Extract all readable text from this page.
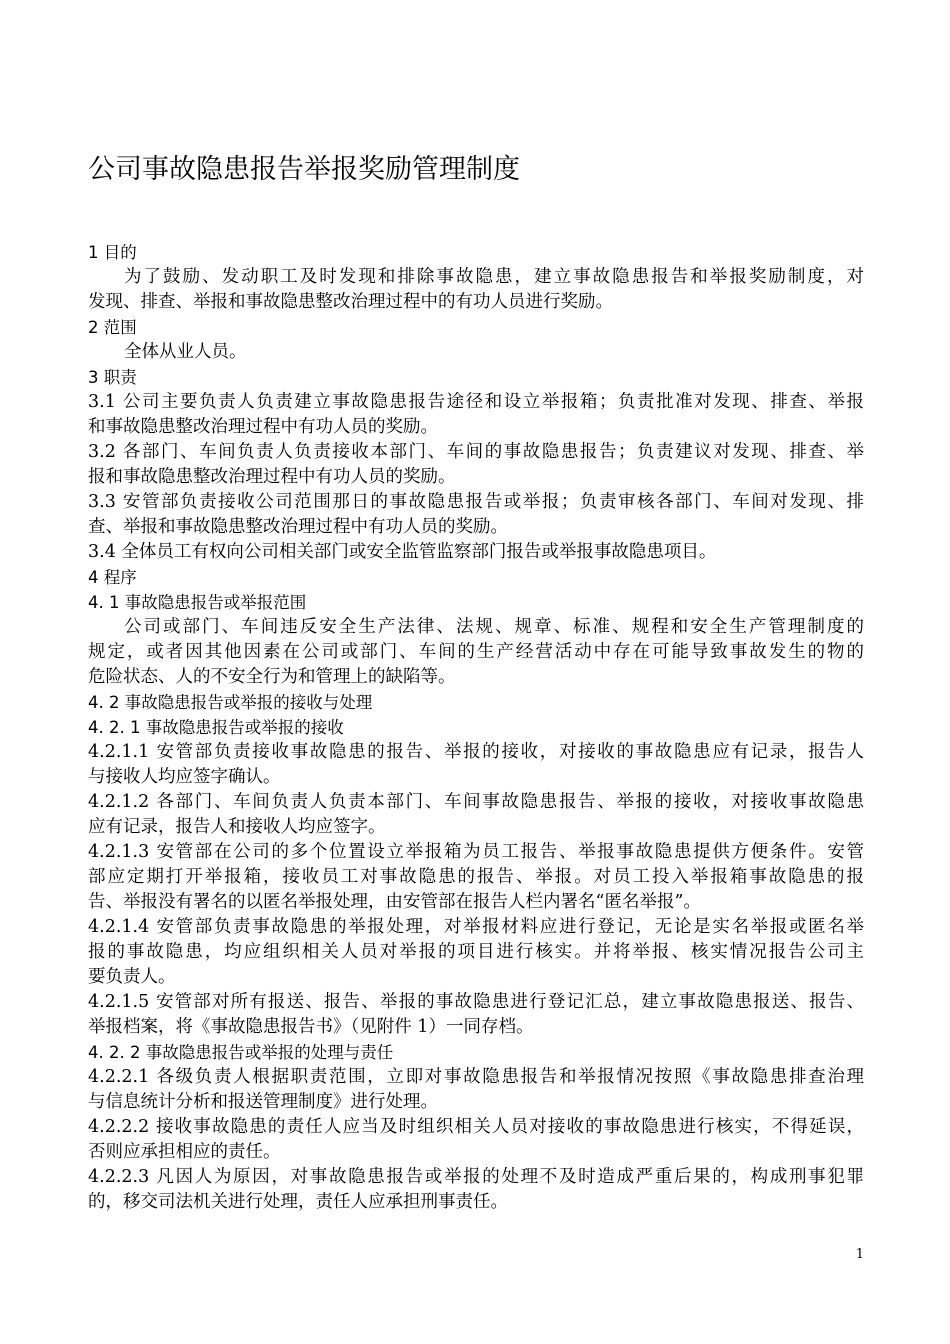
公司事故隐患报告举报奖励管理制度
1 目的
为了鼓励、发动职工及时发现和排除事故隐患，建立事故隐患报告和举报奖励制度，对
发现、排查、举报和事故隐患整改治理过程中的有功人员进行奖励。
2 范围
全体从业人员。
3 职责
3.1 公司主要负责人负责建立事故隐患报告途径和设立举报箱；负责批准对发现、排查、举报
和事故隐患整改治理过程中有功人员的奖励。
3.2 各部门、车间负责人负责接收本部门、车间的事故隐患报告；负责建议对发现、排查、举
报和事故隐患整改治理过程中有功人员的奖励。
3.3 安管部负责接收公司范围那日的事故隐患报告或举报；负责审核各部门、车间对发现、排
查、举报和事故隐患整改治理过程中有功人员的奖励。
3.4 全体员工有权向公司相关部门或安全监管监察部门报告或举报事故隐患项目。
4 程序
4. 1 事故隐患报告或举报范围
公司或部门、车间违反安全生产法律、法规、规章、标准、规程和安全生产管理制度的
规定，或者因其他因素在公司或部门、车间的生产经营活动中存在可能导致事故发生的物的
危险状态、人的不安全行为和管理上的缺陷等。
4. 2 事故隐患报告或举报的接收与处理
4. 2. 1 事故隐患报告或举报的接收
4.2.1.1 安管部负责接收事故隐患的报告、举报的接收，对接收的事故隐患应有记录，报告人
与接收人均应签字确认。
4.2.1.2 各部门、车间负责人负责本部门、车间事故隐患报告、举报的接收，对接收事故隐患
应有记录，报告人和接收人均应签字。
4.2.1.3 安管部在公司的多个位置设立举报箱为员工报告、举报事故隐患提供方便条件。安管
部应定期打开举报箱，接收员工对事故隐患的报告、举报。对员工投入举报箱事故隐患的报
告、举报没有署名的以匿名举报处理，由安管部在报告人栏内署名“匿名举报”。
4.2.1.4 安管部负责事故隐患的举报处理，对举报材料应进行登记，无论是实名举报或匿名举
报的事故隐患，均应组织相关人员对举报的项目进行核实。并将举报、核实情况报告公司主
要负责人。
4.2.1.5 安管部对所有报送、报告、举报的事故隐患进行登记汇总，建立事故隐患报送、报告、
举报档案，将《事故隐患报告书》（见附件 1）一同存档。
4. 2. 2 事故隐患报告或举报的处理与责任
4.2.2.1 各级负责人根据职责范围，立即对事故隐患报告和举报情况按照《事故隐患排查治理
与信息统计分析和报送管理制度》进行处理。
4.2.2.2 接收事故隐患的责任人应当及时组织相关人员对接收的事故隐患进行核实，不得延误，
否则应承担相应的责任。
4.2.2.3 凡因人为原因，对事故隐患报告或举报的处理不及时造成严重后果的，构成刑事犯罪
的，移交司法机关进行处理，责任人应承担刑事责任。
1
